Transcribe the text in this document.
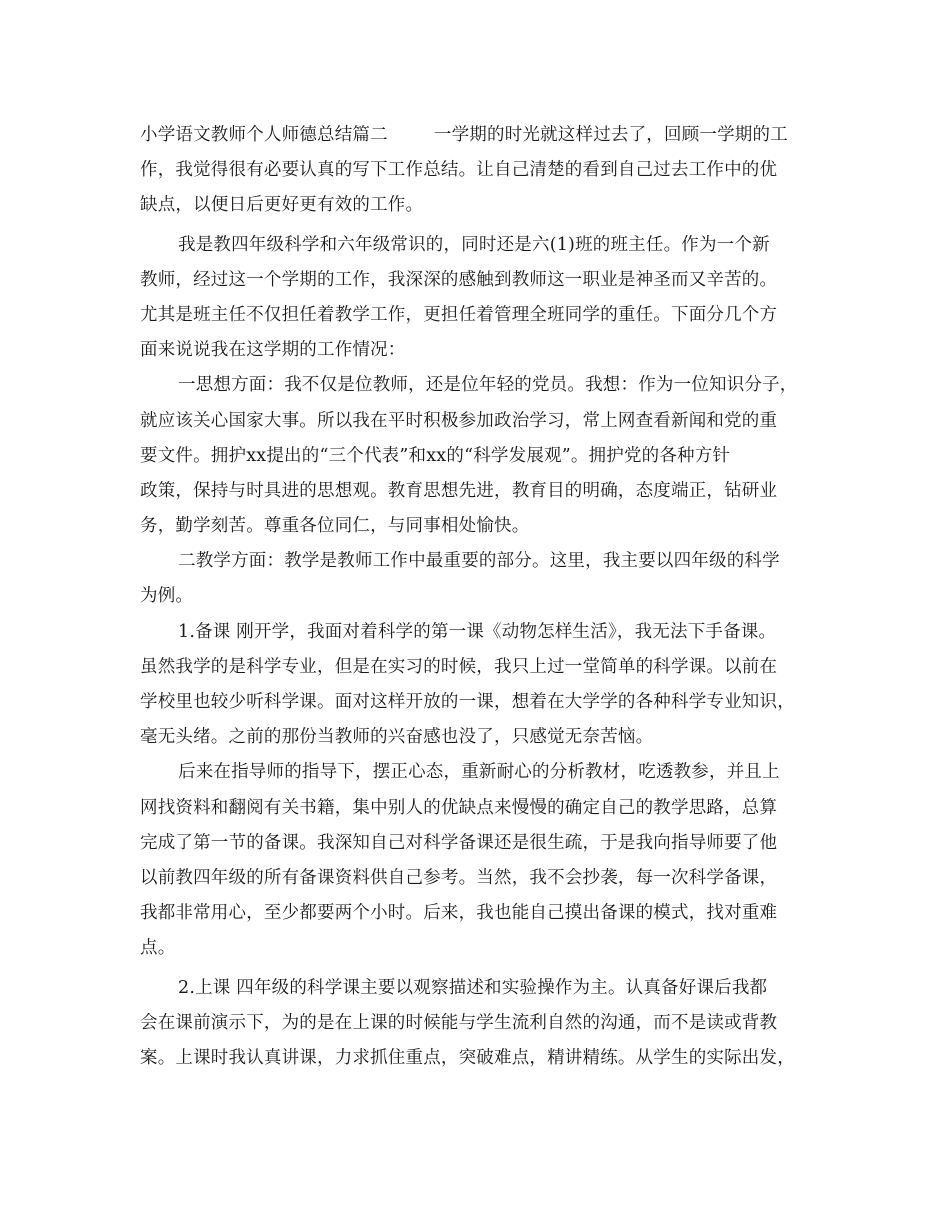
小学语文教师个人师德总结篇二        一学期的时光就这样过去了，回顾一学期的工
作，我觉得很有必要认真的写下工作总结。让自己清楚的看到自己过去工作中的优
缺点，以便日后更好更有效的工作。
我是教四年级科学和六年级常识的，同时还是六(1)班的班主任。作为一个新
教师，经过这一个学期的工作，我深深的感触到教师这一职业是神圣而又辛苦的。
尤其是班主任不仅担任着教学工作，更担任着管理全班同学的重任。下面分几个方
面来说说我在这学期的工作情况：
一思想方面：我不仅是位教师，还是位年轻的党员。我想：作为一位知识分子，
就应该关心国家大事。所以我在平时积极参加政治学习，常上网查看新闻和党的重
要文件。拥护xx提出的“三个代表”和xx的“科学发展观”。拥护党的各种方针
政策，保持与时具进的思想观。教育思想先进，教育目的明确，态度端正，钻研业
务，勤学刻苦。尊重各位同仁，与同事相处愉快。
二教学方面：教学是教师工作中最重要的部分。这里，我主要以四年级的科学
为例。
1.备课 刚开学，我面对着科学的第一课《动物怎样生活》，我无法下手备课。
虽然我学的是科学专业，但是在实习的时候，我只上过一堂简单的科学课。以前在
学校里也较少听科学课。面对这样开放的一课，想着在大学学的各种科学专业知识，
毫无头绪。之前的那份当教师的兴奋感也没了，只感觉无奈苦恼。
后来在指导师的指导下，摆正心态，重新耐心的分析教材，吃透教参，并且上
网找资料和翻阅有关书籍，集中别人的优缺点来慢慢的确定自己的教学思路，总算
完成了第一节的备课。我深知自己对科学备课还是很生疏，于是我向指导师要了他
以前教四年级的所有备课资料供自己参考。当然，我不会抄袭，每一次科学备课，
我都非常用心，至少都要两个小时。后来，我也能自己摸出备课的模式，找对重难
点。
2.上课 四年级的科学课主要以观察描述和实验操作为主。认真备好课后我都
会在课前演示下，为的是在上课的时候能与学生流利自然的沟通，而不是读或背教
案。上课时我认真讲课，力求抓住重点，突破难点，精讲精练。从学生的实际出发，
